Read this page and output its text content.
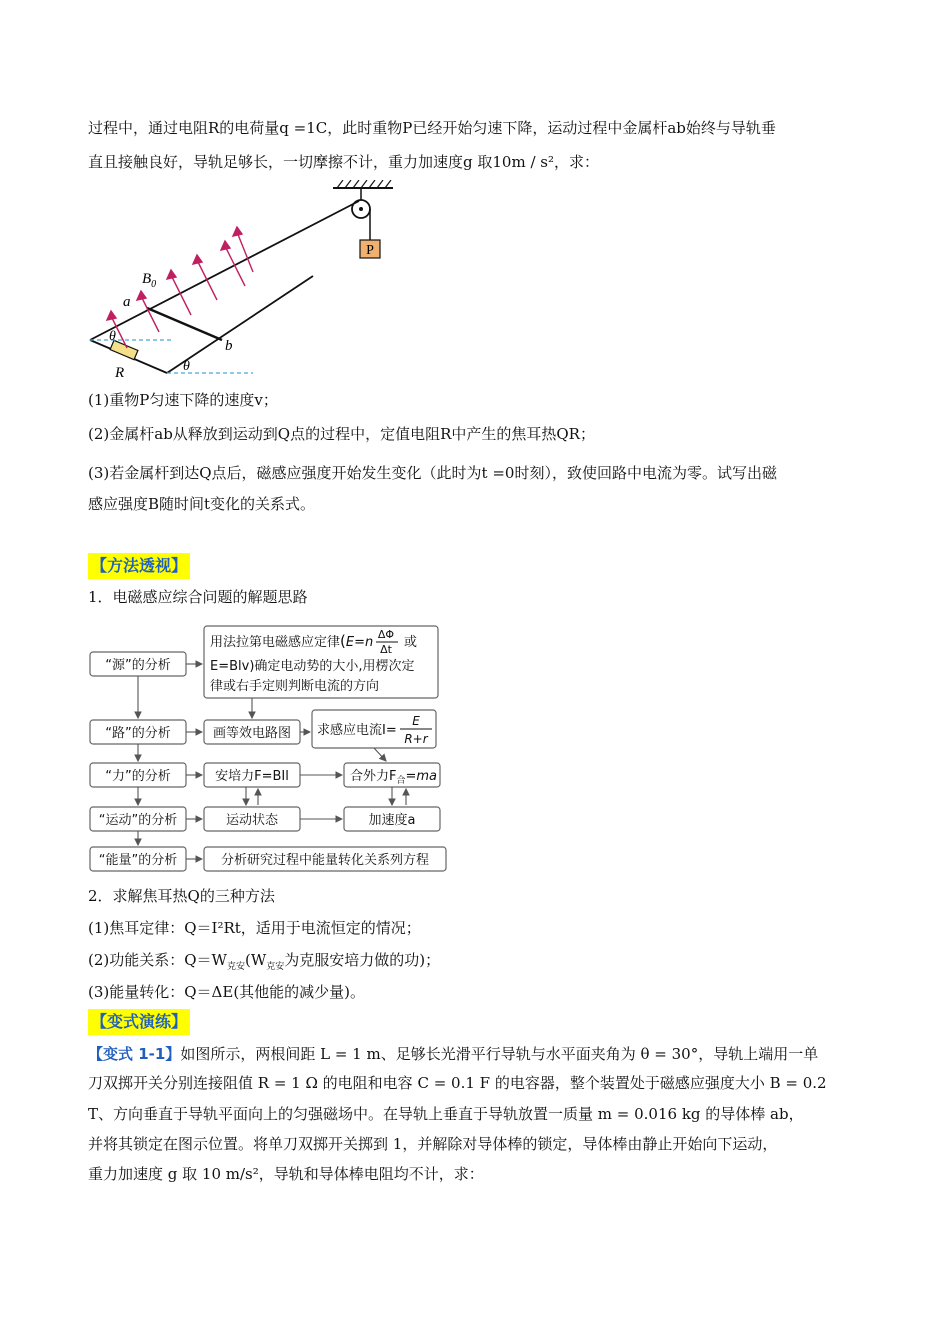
过程中，通过电阻R的电荷量q =1C，此时重物P已经开始匀速下降，运动过程中金属杆ab始终与导轨垂
直且接触良好，导轨足够长，一切摩擦不计，重力加速度g 取10m / s²，求：
P
$B_0$
a
b
θ
θ
R
(1)重物P匀速下降的速度v；
(2)金属杆ab从释放到运动到Q点的过程中，定值电阻R中产生的焦耳热QR；
(3)若金属杆到达Q点后，磁感应强度开始发生变化（此时为t =0时刻），致使回路中电流为零。试写出磁
感应强度B随时间t变化的关系式。
【方法透视】
1．电磁感应综合问题的解题思路
“源”的分析
“路”的分析
“力”的分析
“运动”的分析
“能量”的分析
用法拉第电磁感应定律(E=n
ΔΦ
Δt 或
E=Blv)确定电动势的大小,用楞次定
律或右手定则判断电流的方向
画等效电路图 求感应电流I=
E
R+r
安培力F=BIl	合外力$F_合=ma$
运动状态	加速度a
分析研究过程中能量转化关系列方程
2．求解焦耳热Q的三种方法
(1)焦耳定律：Q＝I²Rt，适用于电流恒定的情况；
(2)功能关系：$Q=W_{克安}(W_{克安}$为克服安培力做的功)；
(3)能量转化：Q＝ΔE(其他能的减少量)。
【变式演练】
【变式 1-1】如图所示，两根间距 L = 1 m、足够长光滑平行导轨与水平面夹角为 θ = 30°，导轨上端用一单
刀双掷开关分别连接阻值 R = 1 Ω 的电阻和电容 C = 0.1 F 的电容器，整个装置处于磁感应强度大小 B = 0.2
T、方向垂直于导轨平面向上的匀强磁场中。在导轨上垂直于导轨放置一质量 m = 0.016 kg 的导体棒 ab，
并将其锁定在图示位置。将单刀双掷开关掷到 1，并解除对导体棒的锁定，导体棒由静止开始向下运动，
重力加速度 g 取 10 m/s²，导轨和导体棒电阻均不计，求：
